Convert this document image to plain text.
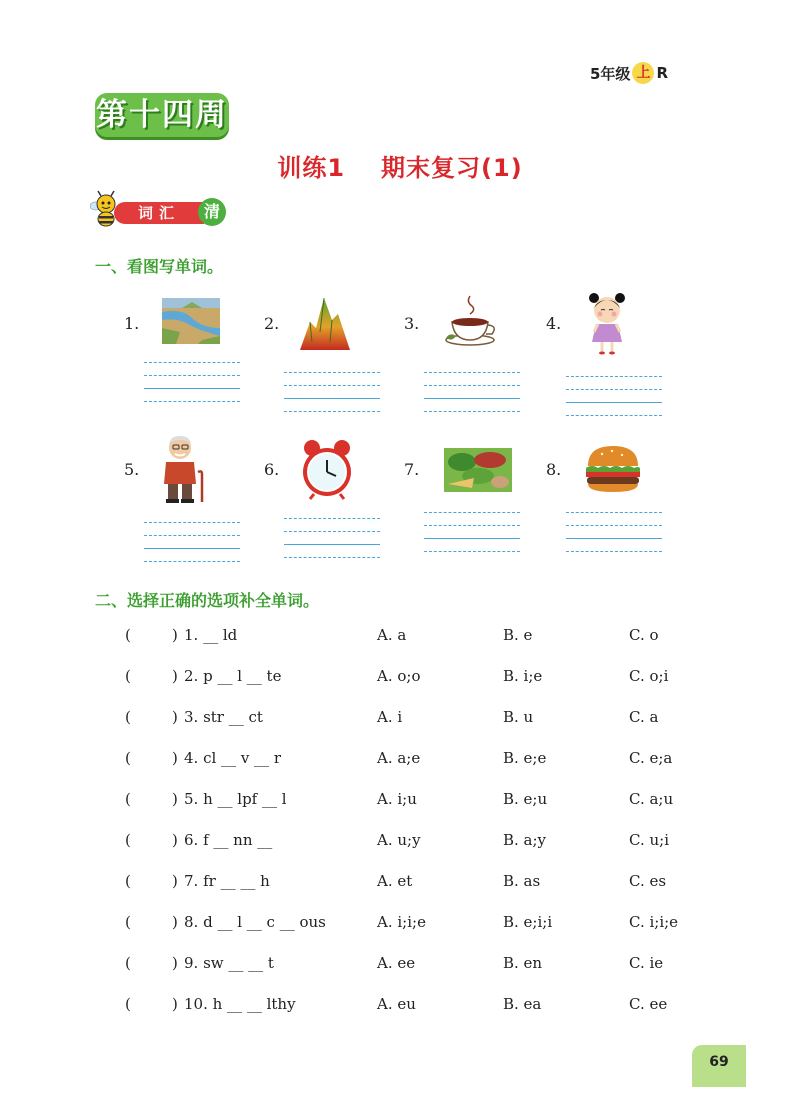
5年级 上 R
第十四周
训练1 期末复习(1)
词汇	清
一、看图写单词。
1.	2.	3.	4.
5.	6.	7.	8.
二、选择正确的选项补全单词。
(	) 1. __ ld	A. a	B. e	C. o
(	) 2. p __ l __ te	A. o;o	B. i;e	C. o;i
(	) 3. str __ ct	A. i	B. u	C. a
(	) 4. cl __ v __ r	A. a;e	B. e;e	C. e;a
(	) 5. h __ lpf __ l	A. i;u	B. e;u	C. a;u
(	) 6. f __ nn __	A. u;y	B. a;y	C. u;i
(	) 7. fr __ __ h	A. et	B. as	C. es
(	) 8. d __ l __ c __ ous	A. i;i;e	B. e;i;i	C. i;i;e
(	) 9. sw __ __ t	A. ee	B. en	C. ie
(	) 10. h __ __ lthy	A. eu	B. ea	C. ee
69
